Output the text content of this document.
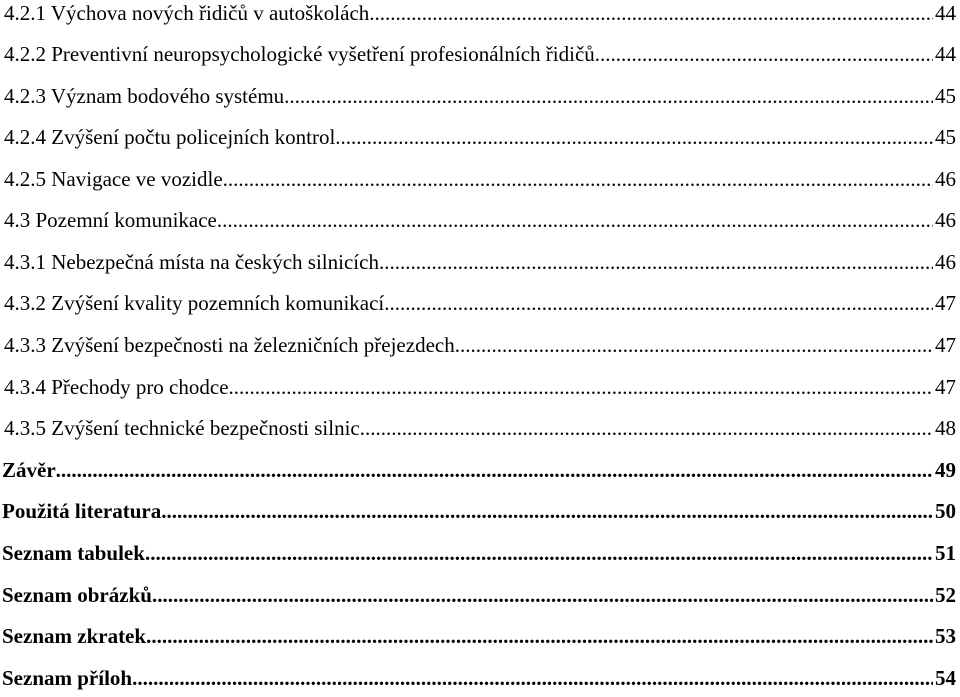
4.2.1 Výchova nových řidičů v autoškolách .....	44
4.2.2 Preventivní neuropsychologické vyšetření profesionálních řidičů .....	44
4.2.3 Význam bodového systému .....	45
4.2.4 Zvýšení počtu policejních kontrol .....	45
4.2.5 Navigace ve vozidle .....	46
4.3 Pozemní komunikace .....	46
4.3.1 Nebezpečná místa na českých silnicích .....	46
4.3.2 Zvýšení kvality pozemních komunikací .....	47
4.3.3 Zvýšení bezpečnosti na železničních přejezdech .....	47
4.3.4 Přechody pro chodce .....	47
4.3.5 Zvýšení technické bezpečnosti silnic .....	48
Závěr .....	49
Použitá literatura .....	50
Seznam tabulek .....	51
Seznam obrázků .....	52
Seznam zkratek .....	53
Seznam příloh .....	54
